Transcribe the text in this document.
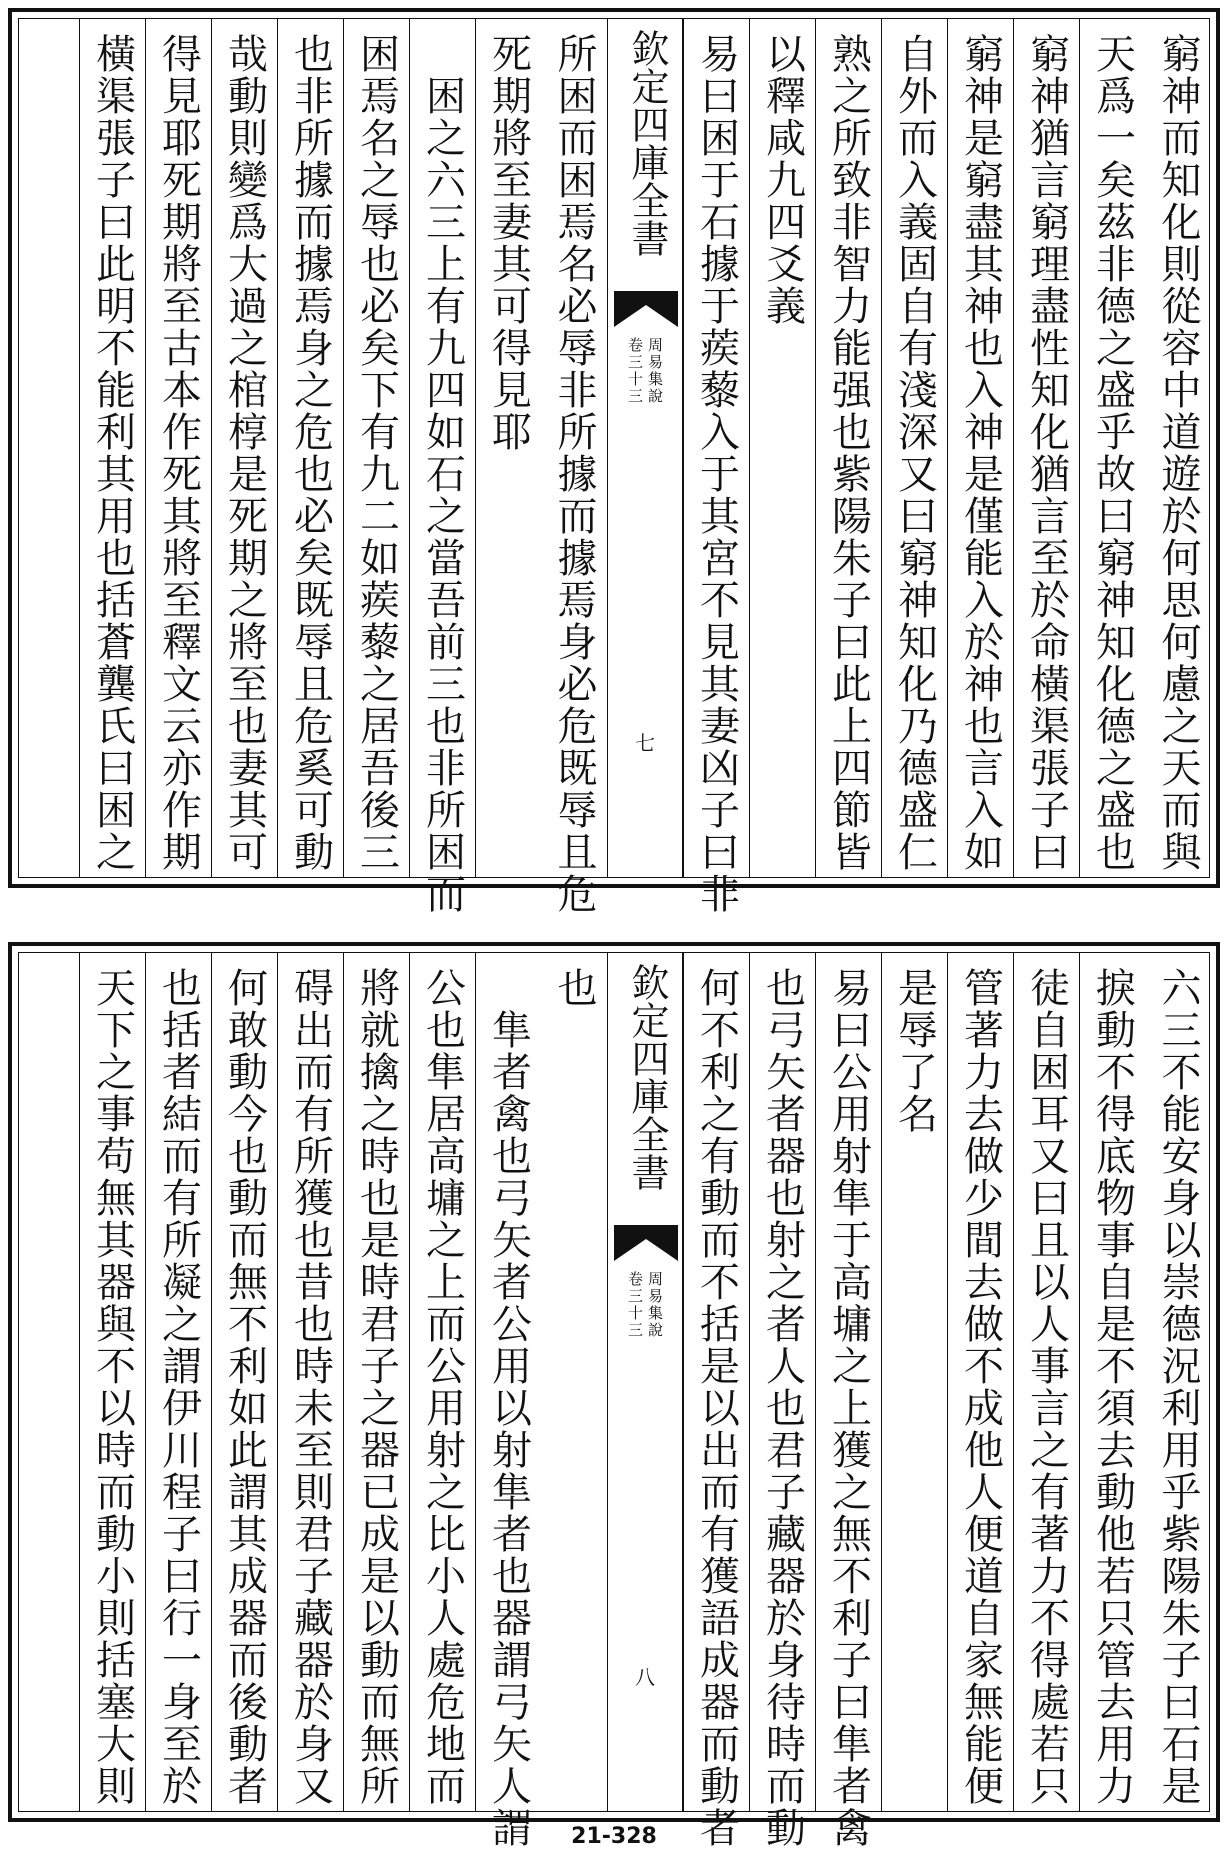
窮神而知化則從容中道遊於何思何慮之天而與
天爲一矣茲非德之盛乎故曰窮神知化德之盛也
窮神猶言窮理盡性知化猶言至於命橫渠張子曰
窮神是窮盡其神也入神是僅能入於神也言入如
自外而入義固自有淺深又曰窮神知化乃德盛仁
熟之所致非智力能强也紫陽朱子曰此上四節皆
以釋咸九四爻義
易曰困于石據于蒺藜入于其宮不見其妻凶子曰非
欽定四庫全書
周易集說
卷三十三
七
所困而困焉名必辱非所據而據焉身必危既辱且危
死期將至妻其可得見耶
困之六三上有九四如石之當吾前三也非所困而
困焉名之辱也必矣下有九二如蒺藜之居吾後三
也非所據而據焉身之危也必矣既辱且危奚可動
哉動則變爲大過之棺椁是死期之將至也妻其可
得見耶死期將至古本作死其將至釋文云亦作期
橫渠張子曰此明不能利其用也括蒼龔氏曰困之
六三不能安身以崇德況利用乎紫陽朱子曰石是
捩動不得底物事自是不須去動他若只管去用力
徒自困耳又曰且以人事言之有著力不得處若只
管著力去做少間去做不成他人便道自家無能便
是辱了名
易曰公用射隼于高墉之上獲之無不利子曰隼者禽
也弓矢者器也射之者人也君子藏器於身待時而動
何不利之有動而不括是以出而有獲語成器而動者
欽定四庫全書
周易集說
卷三十三
八
也
隼者禽也弓矢者公用以射隼者也器謂弓矢人謂
公也隼居高墉之上而公用射之比小人處危地而
將就擒之時也是時君子之器已成是以動而無所
碍出而有所獲也昔也時未至則君子藏器於身又
何敢動今也動而無不利如此謂其成器而後動者
也括者結而有所凝之謂伊川程子曰行一身至於
天下之事苟無其器與不以時而動小則括塞大則
21-328
